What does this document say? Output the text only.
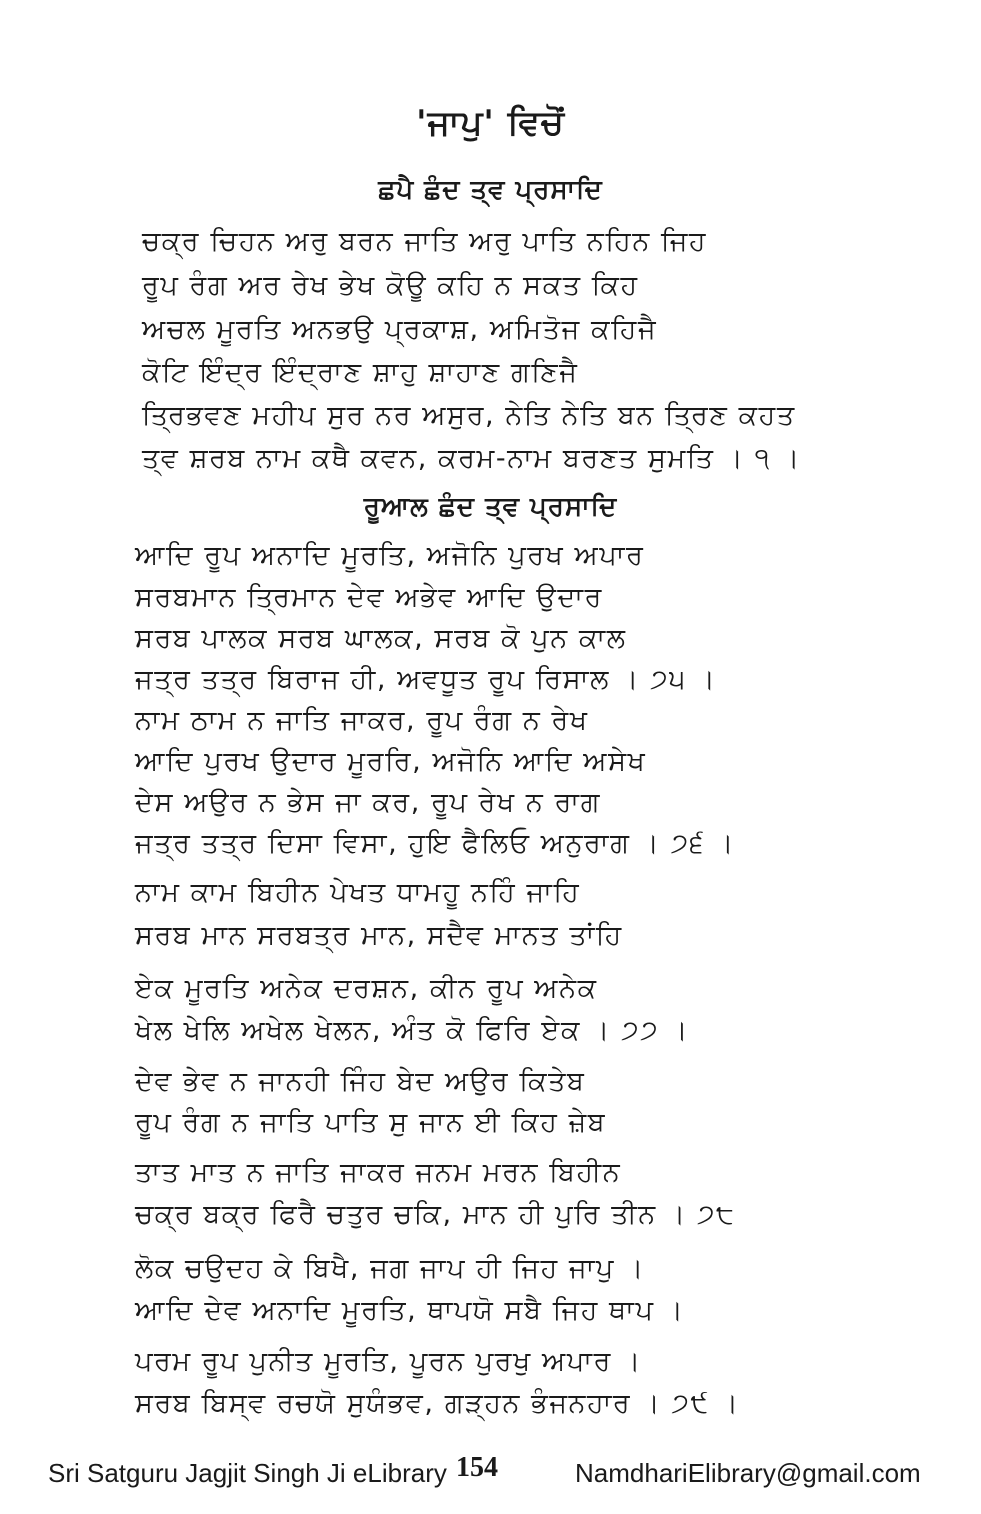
'ਜਾਪੁ' ਵਿਚੋਂ
ਛਪੈ ਛੰਦ ਤ੍ਵ ਪ੍ਰਸਾਦਿ
ਚਕ੍ਰ ਚਿਹਨ ਅਰੁ ਬਰਨ ਜਾਤਿ ਅਰੁ ਪਾਤਿ ਨਹਿਨ ਜਿਹ
ਰੂਪ ਰੰਗ ਅਰ ਰੇਖ ਭੇਖ ਕੋਊ ਕਹਿ ਨ ਸਕਤ ਕਿਹ
ਅਚਲ ਮੂਰਤਿ ਅਨਭਉ ਪ੍ਰਕਾਸ਼, ਅਮਿਤੋਜ ਕਹਿਜੈ
ਕੋਟਿ ਇੰਦ੍ਰ ਇੰਦ੍ਰਾਣ ਸ਼ਾਹੁ ਸ਼ਾਹਾਣ ਗਣਿਜੈ
ਤ੍ਰਿਭਵਣ ਮਹੀਪ ਸੁਰ ਨਰ ਅਸੁਰ, ਨੇਤਿ ਨੇਤਿ ਬਨ ਤ੍ਰਿਣ ਕਹਤ
ਤ੍ਵ ਸ਼ਰਬ ਨਾਮ ਕਥੈ ਕਵਨ, ਕਰਮ-ਨਾਮ ਬਰਣਤ ਸੁਮਤਿ । ੧ ।
ਰੂਆਲ ਛੰਦ ਤ੍ਵ ਪ੍ਰਸਾਦਿ
ਆਦਿ ਰੂਪ ਅਨਾਦਿ ਮੂਰਤਿ, ਅਜੋਨਿ ਪੁਰਖ ਅਪਾਰ
ਸਰਬਮਾਨ ਤ੍ਰਿਮਾਨ ਦੇਵ ਅਭੇਵ ਆਦਿ ਉਦਾਰ
ਸਰਬ ਪਾਲਕ ਸਰਬ ਘਾਲਕ, ਸਰਬ ਕੋ ਪੁਨ ਕਾਲ
ਜਤ੍ਰ ਤਤ੍ਰ ਬਿਰਾਜ ਹੀ, ਅਵਧੂਤ ਰੂਪ ਰਿਸਾਲ । ੭੫ ।
ਨਾਮ ਠਾਮ ਨ ਜਾਤਿ ਜਾਕਰ, ਰੂਪ ਰੰਗ ਨ ਰੇਖ
ਆਦਿ ਪੁਰਖ ਉਦਾਰ ਮੂਰਰਿ, ਅਜੋਨਿ ਆਦਿ ਅਸੇਖ
ਦੇਸ ਅਉਰ ਨ ਭੇਸ ਜਾ ਕਰ, ਰੂਪ ਰੇਖ ਨ ਰਾਗ
ਜਤ੍ਰ ਤਤ੍ਰ ਦਿਸਾ ਵਿਸਾ, ਹੁਇ ਫੈਲਿਓ ਅਨੁਰਾਗ । ੭੬ ।
ਨਾਮ ਕਾਮ ਬਿਹੀਨ ਪੇਖਤ ਧਾਮਹੂ ਨਹਿੰ ਜਾਹਿ
ਸਰਬ ਮਾਨ ਸਰਬਤ੍ਰ ਮਾਨ, ਸਦੈਵ ਮਾਨਤ ਤਾਂਹਿ
ਏਕ ਮੂਰਤਿ ਅਨੇਕ ਦਰਸ਼ਨ, ਕੀਨ ਰੂਪ ਅਨੇਕ
ਖੇਲ ਖੇਲਿ ਅਖੇਲ ਖੇਲਨ, ਅੰਤ ਕੋ ਫਿਰਿ ਏਕ । ੭੭ ।
ਦੇਵ ਭੇਵ ਨ ਜਾਨਹੀ ਜਿੰਹ ਬੇਦ ਅਉਰ ਕਿਤੇਬ
ਰੂਪ ਰੰਗ ਨ ਜਾਤਿ ਪਾਤਿ ਸੁ ਜਾਨ ਈ ਕਿਹ ਜ਼ੇਬ
ਤਾਤ ਮਾਤ ਨ ਜਾਤਿ ਜਾਕਰ ਜਨਮ ਮਰਨ ਬਿਹੀਨ
ਚਕ੍ਰ ਬਕ੍ਰ ਫਿਰੈ ਚਤੁਰ ਚਕਿ, ਮਾਨ ਹੀ ਪੁਰਿ ਤੀਨ । ੭੮
ਲੋਕ ਚਉਦਹ ਕੇ ਬਿਖੈ, ਜਗ ਜਾਪ ਹੀ ਜਿਹ ਜਾਪੁ ।
ਆਦਿ ਦੇਵ ਅਨਾਦਿ ਮੂਰਤਿ, ਥਾਪਯੋ ਸਬੈ ਜਿਹ ਥਾਪ ।
ਪਰਮ ਰੂਪ ਪੁਨੀਤ ਮੂਰਤਿ, ਪੂਰਨ ਪੁਰਖੁ ਅਪਾਰ ।
ਸਰਬ ਬਿਸ੍ਵ ਰਚਯੋ ਸੁਯੰਭਵ, ਗੜ੍ਹਨ ਭੰਜਨਹਾਰ । ੭੯ ।
Sri Satguru Jagjit Singh Ji eLibrary 154	NamdhariElibrary@gmail.com
